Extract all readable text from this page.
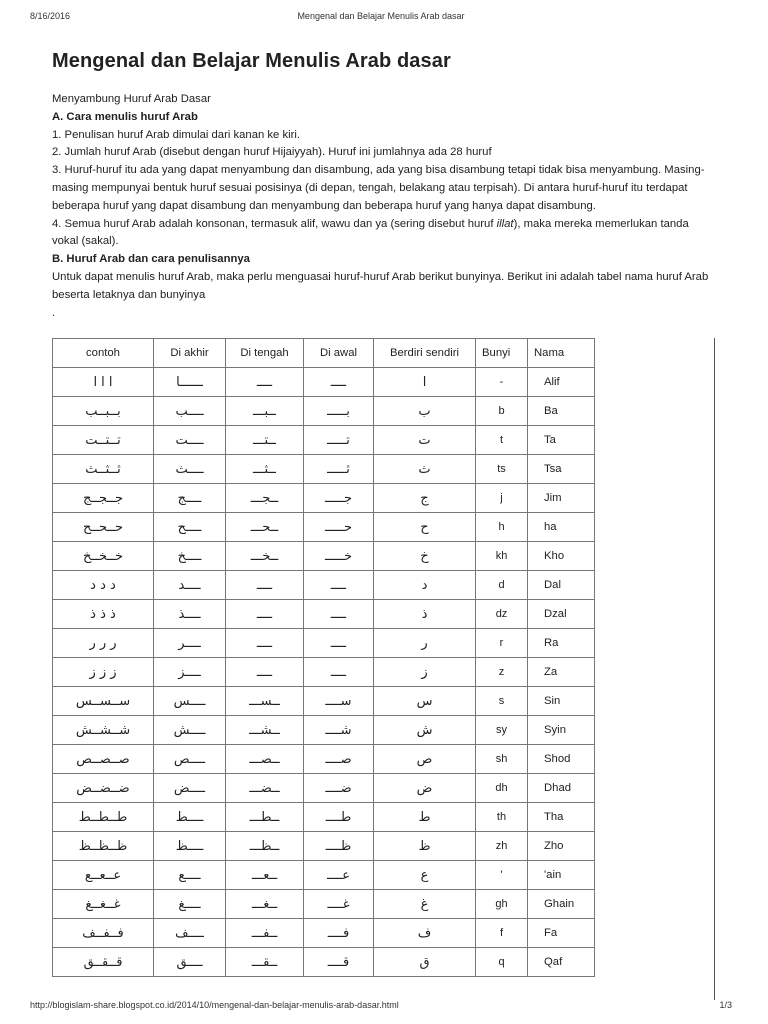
8/16/2016	Mengenal dan Belajar Menulis Arab dasar
Mengenal dan Belajar Menulis Arab dasar

Menyambung Huruf Arab Dasar

A. Cara menulis huruf Arab

1. Penulisan huruf Arab dimulai dari kanan ke kiri.

2. Jumlah huruf Arab (disebut dengan huruf Hijaiyyah). Huruf ini jumlahnya ada 28 huruf

3. Huruf-huruf itu ada yang dapat menyambung dan disambung, ada yang bisa disambung tetapi tidak bisa menyambung. Masing-masing mempunyai bentuk huruf sesuai posisinya (di depan, tengah, belakang atau terpisah). Di antara huruf-huruf itu terdapat beberapa huruf yang dapat disambung dan menyambung dan beberapa huruf yang hanya dapat disambung.

4. Semua huruf Arab adalah konsonan, termasuk alif, wawu dan ya (sering disebut huruf illat), maka mereka memerlukan tanda vokal (sakal).

B. Huruf Arab dan cara penulisannya

Untuk dapat menulis huruf Arab, maka perlu menguasai huruf-huruf Arab berikut bunyinya. Berikut ini adalah tabel nama huruf Arab beserta letaknya dan bunyinya

.

contoh	Di akhir	Di tengah	Di awal	Berdiri sendiri	Bunyi	Nama
ا ا ا	ــــــا	ــــ	ــــ	ا	-	Alif
بــبــب	ــــب	ــبـــ	بـــــ	ب	b	Ba
تــتــت	ــــت	ــتـــ	تـــــ	ت	t	Ta
ثــثــث	ــــث	ــثـــ	ثـــــ	ث	ts	Tsa
جــجــج	ــــج	ــجـــ	جـــــ	ج	j	Jim
حــحــح	ــــح	ــحـــ	حـــــ	ح	h	ha
خــخــخ	ــــخ	ــخـــ	خـــــ	خ	kh	Kho
د د د	ــــد	ــــ	ــــ	د	d	Dal
ذ ذ ذ	ــــذ	ــــ	ــــ	ذ	dz	Dzal
ر ر ر	ــــر	ــــ	ــــ	ر	r	Ra
ز ز ز	ــــز	ــــ	ــــ	ز	z	Za
ســســس	ــــس	ــســـ	ســــ	س	s	Sin
شــشــش	ــــش	ــشـــ	شــــ	ش	sy	Syin
صــصــص	ــــص	ــصـــ	صــــ	ص	sh	Shod
ضــضــض	ــــض	ــضـــ	ضــــ	ض	dh	Dhad
طــطــط	ــــط	ــطـــ	طــــ	ط	th	Tha
ظــظــظ	ــــظ	ــظـــ	ظــــ	ظ	zh	Zho
عــعــع	ــــع	ــعـــ	عــــ	ع	'	'ain
غــغــغ	ــــغ	ــغـــ	غــــ	غ	gh	Ghain
فــفــف	ــــف	ــفـــ	فــــ	ف	f	Fa
قــقــق	ــــق	ــقـــ	قــــ	ق	q	Qaf
http://blogislam-share.blogspot.co.id/2014/10/mengenal-dan-belajar-menulis-arab-dasar.html	1/3
